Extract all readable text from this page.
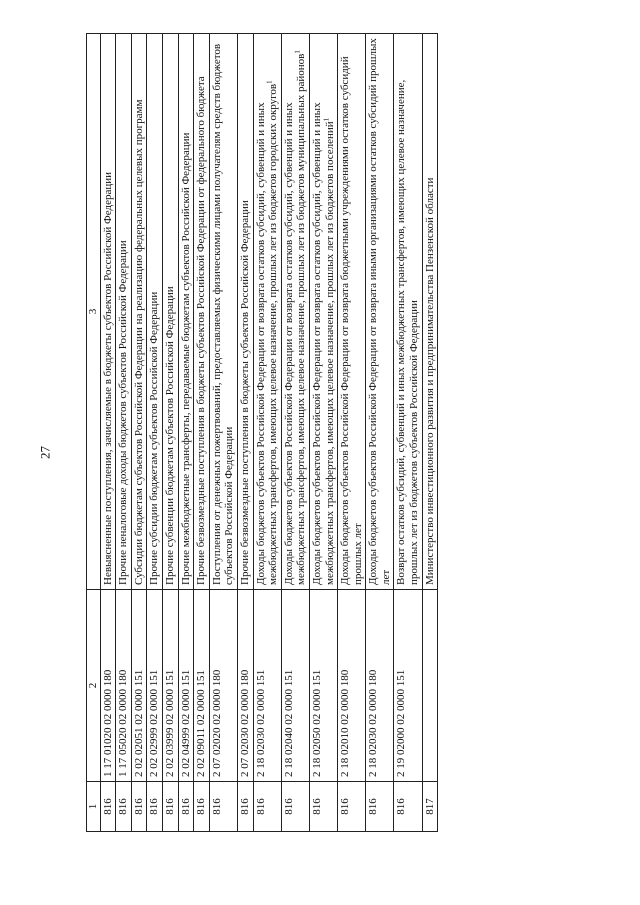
27
1	2	3
816	1 17 01020 02 0000 180	Невыясненные поступления, зачисляемые в бюджеты субъектов Российской Федерации
816	1 17 05020 02 0000 180	Прочие неналоговые доходы бюджетов субъектов Российской Федерации
816	2 02 02051 02 0000 151	Субсидии бюджетам субъектов Российской Федерации на реализацию федеральных целевых программ
816	2 02 02999 02 0000 151	Прочие субсидии бюджетам субъектов Российской Федерации
816	2 02 03999 02 0000 151	Прочие субвенции бюджетам субъектов Российской Федерации
816	2 02 04999 02 0000 151	Прочие межбюджетные трансферты, передаваемые бюджетам субъектов Российской Федерации
816	2 02 09011 02 0000 151	Прочие безвозмездные поступления в бюджеты субъектов Российской Федерации от федерального бюджета
816	2 07 02020 02 0000 180	Поступления от денежных пожертвований, предоставляемых физическими лицами получателям средств бюджетов субъектов Российской Федерации
816	2 07 02030 02 0000 180	Прочие безвозмездные поступления в бюджеты субъектов Российской Федерации
816	2 18 02030 02 0000 151	Доходы бюджетов субъектов Российской Федерации от возврата остатков субсидий, субвенций и иных межбюджетных трансфертов, имеющих целевое назначение, прошлых лет из бюджетов городских округов$^1$
816	2 18 02040 02 0000 151	Доходы бюджетов субъектов Российской Федерации от возврата остатков субсидий, субвенций и иных межбюджетных трансфертов, имеющих целевое назначение, прошлых лет из бюджетов муниципальных районов$^1$
816	2 18 02050 02 0000 151	Доходы бюджетов субъектов Российской Федерации от возврата остатков субсидий, субвенций и иных межбюджетных трансфертов, имеющих целевое назначение, прошлых лет из бюджетов поселений$^1$
816	2 18 02010 02 0000 180	Доходы бюджетов субъектов Российской Федерации от возврата бюджетными учреждениями остатков субсидий прошлых лет
816	2 18 02030 02 0000 180	Доходы бюджетов субъектов Российской Федерации от возврата иными организациями остатков субсидий прошлых лет
816	2 19 02000 02 0000 151	Возврат остатков субсидий, субвенций и иных межбюджетных трансфертов, имеющих целевое назначение, прошлых лет из бюджетов субъектов Российской Федерации
817		Министерство инвестиционного развития и предпринимательства Пензенской области
